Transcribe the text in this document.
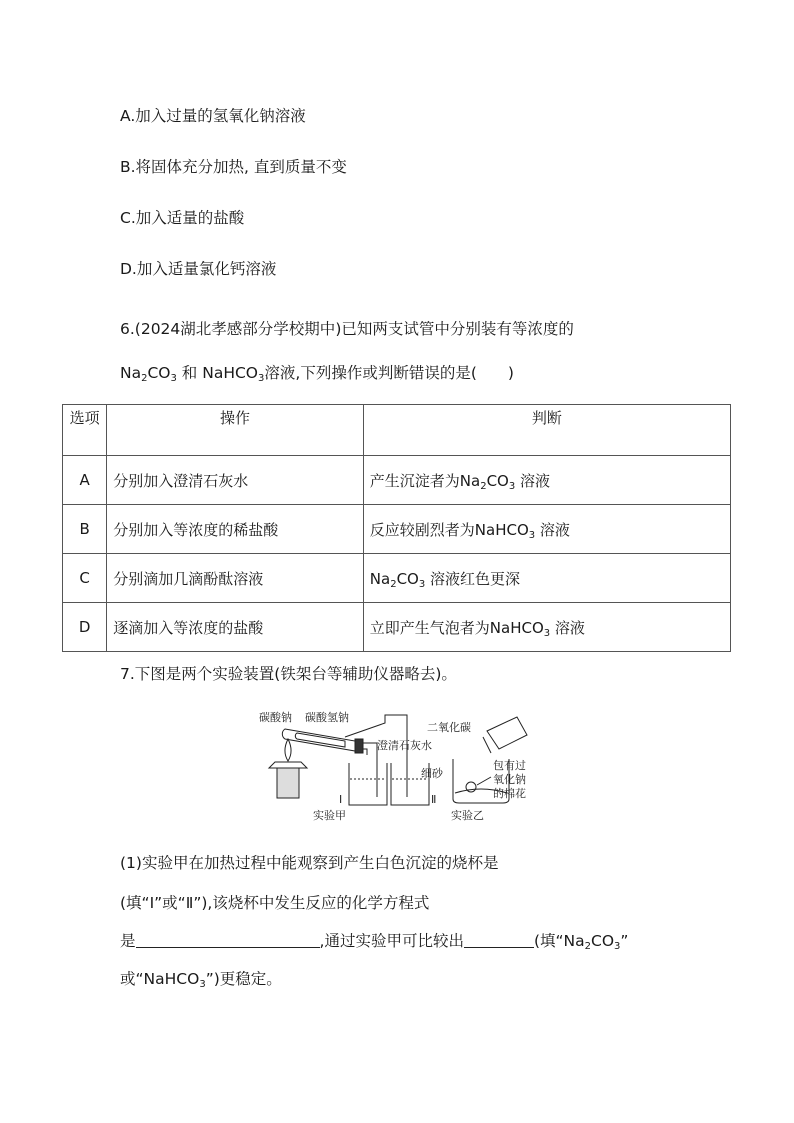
A.加入过量的氢氧化钠溶液
B.将固体充分加热, 直到质量不变
C.加入适量的盐酸
D.加入适量氯化钙溶液
6.(2024湖北孝感部分学校期中)已知两支试管中分别装有等浓度的
Na2CO3 和 NaHCO3溶液,下列操作或判断错误的是(　　)
选项	操作	判断
A	分别加入澄清石灰水	产生沉淀者为$Na_2CO_3$ 溶液
B	分别加入等浓度的稀盐酸	反应较剧烈者为NaHCO$_3$ 溶液
C	分别滴加几滴酚酞溶液	$Na_2CO_3$ 溶液红色更深
D	逐滴加入等浓度的盐酸	立即产生气泡者为NaHCO$_3$ 溶液
7.下图是两个实验装置(铁架台等辅助仪器略去)。
碳酸钠 碳酸氢钠
澄清石灰水
Ⅰ	Ⅱ
实验甲
二氧化碳
细砂
包有过
氧化钠
的棉花
实验乙
(1)实验甲在加热过程中能观察到产生白色沉淀的烧杯是
(填“Ⅰ”或“Ⅱ”),该烧杯中发生反应的化学方程式
是	,通过实验甲可比较出	(填“Na2CO3”
或“NaHCO3”)更稳定。
